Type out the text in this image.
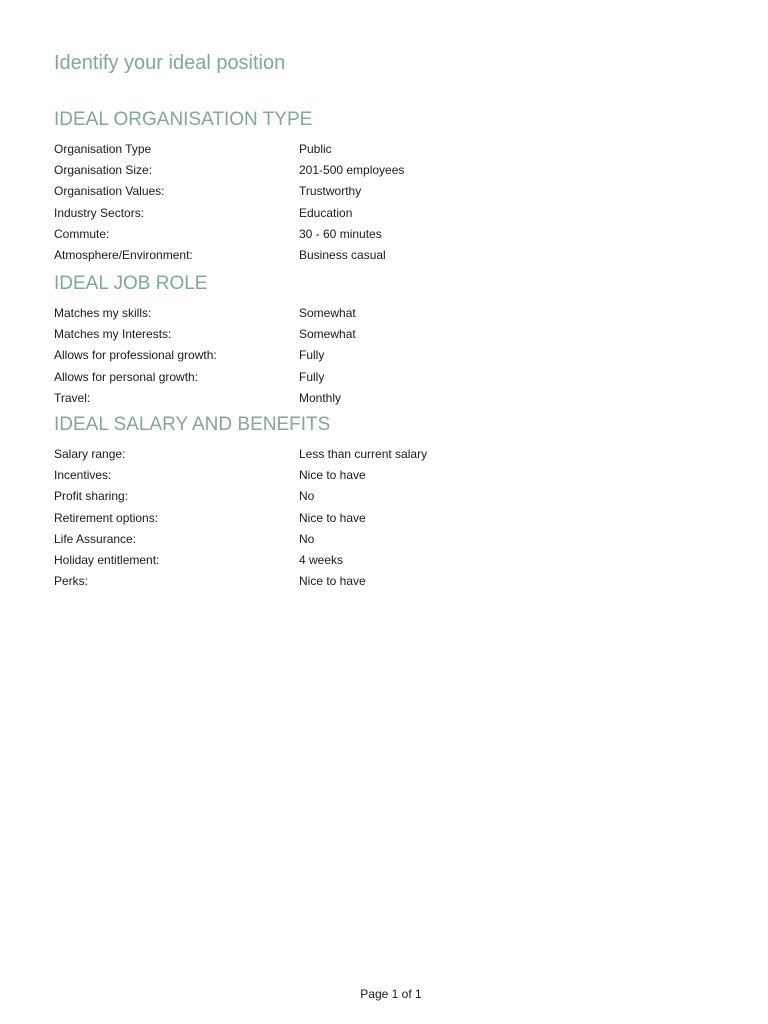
Identify your ideal position
IDEAL ORGANISATION TYPE
Organisation Type	Public
Organisation Size:	201-500 employees
Organisation Values:	Trustworthy
Industry Sectors:	Education
Commute:	30 - 60 minutes
Atmosphere/Environment:	Business casual
IDEAL JOB ROLE
Matches my skills:	Somewhat
Matches my Interests:	Somewhat
Allows for professional growth:	Fully
Allows for personal growth:	Fully
Travel:	Monthly
IDEAL SALARY AND BENEFITS
Salary range:	Less than current salary
Incentives:	Nice to have
Profit sharing:	No
Retirement options:	Nice to have
Life Assurance:	No
Holiday entitlement:	4 weeks
Perks:	Nice to have
Page 1 of 1
